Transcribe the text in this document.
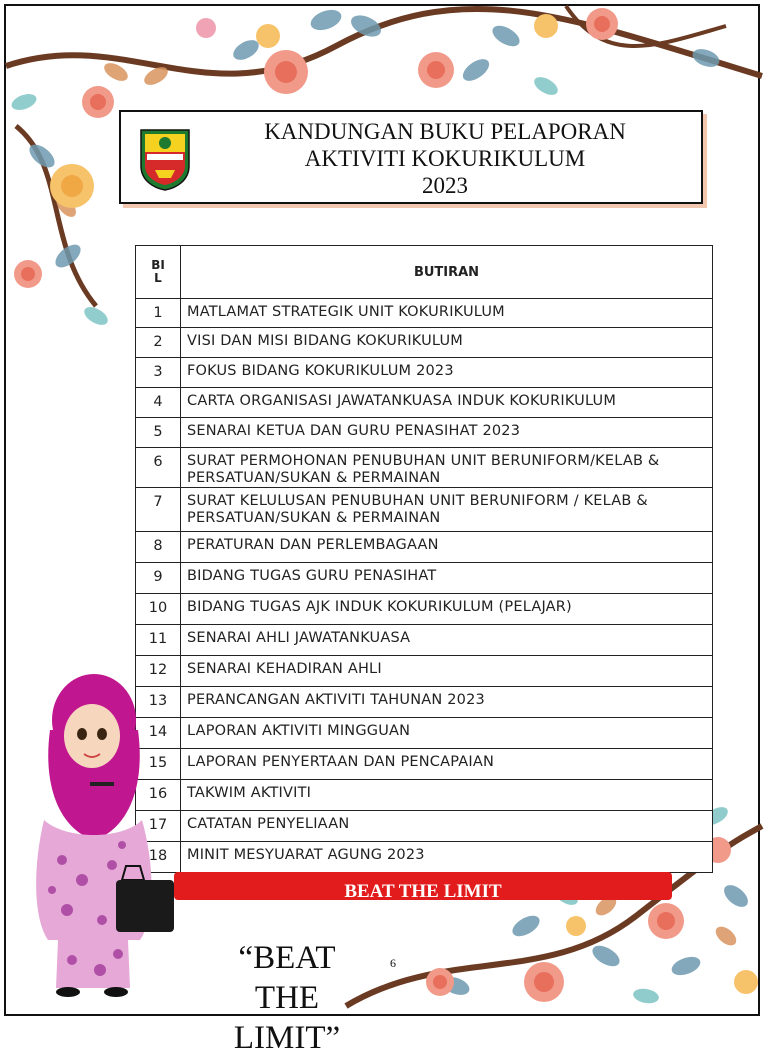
KANDUNGAN BUKU PELAPORAN
AKTIVITI KOKURIKULUM
2023
BIL	BUTIRAN
1	MATLAMAT STRATEGIK UNIT KOKURIKULUM
2	VISI DAN MISI BIDANG KOKURIKULUM
3	FOKUS BIDANG KOKURIKULUM 2023
4	CARTA ORGANISASI JAWATANKUASA INDUK KOKURIKULUM
5	SENARAI KETUA DAN GURU PENASIHAT 2023
6	SURAT PERMOHONAN PENUBUHAN UNIT BERUNIFORM/KELAB & PERSATUAN/SUKAN & PERMAINAN
7	SURAT KELULUSAN PENUBUHAN UNIT BERUNIFORM / KELAB & PERSATUAN/SUKAN & PERMAINAN
8	PERATURAN DAN PERLEMBAGAAN
9	BIDANG TUGAS GURU PENASIHAT
10	BIDANG TUGAS AJK INDUK KOKURIKULUM (PELAJAR)
11	SENARAI AHLI JAWATANKUASA
12	SENARAI KEHADIRAN AHLI
13	PERANCANGAN AKTIVITI TAHUNAN 2023
14	LAPORAN AKTIVITI MINGGUAN
15	LAPORAN PENYERTAAN DAN PENCAPAIAN
16	TAKWIM AKTIVITI
17	CATATAN PENYELIAAN
18	MINIT MESYUARAT AGUNG 2023
BEAT THE LIMIT
“BEAT
THE
LIMIT”
6
